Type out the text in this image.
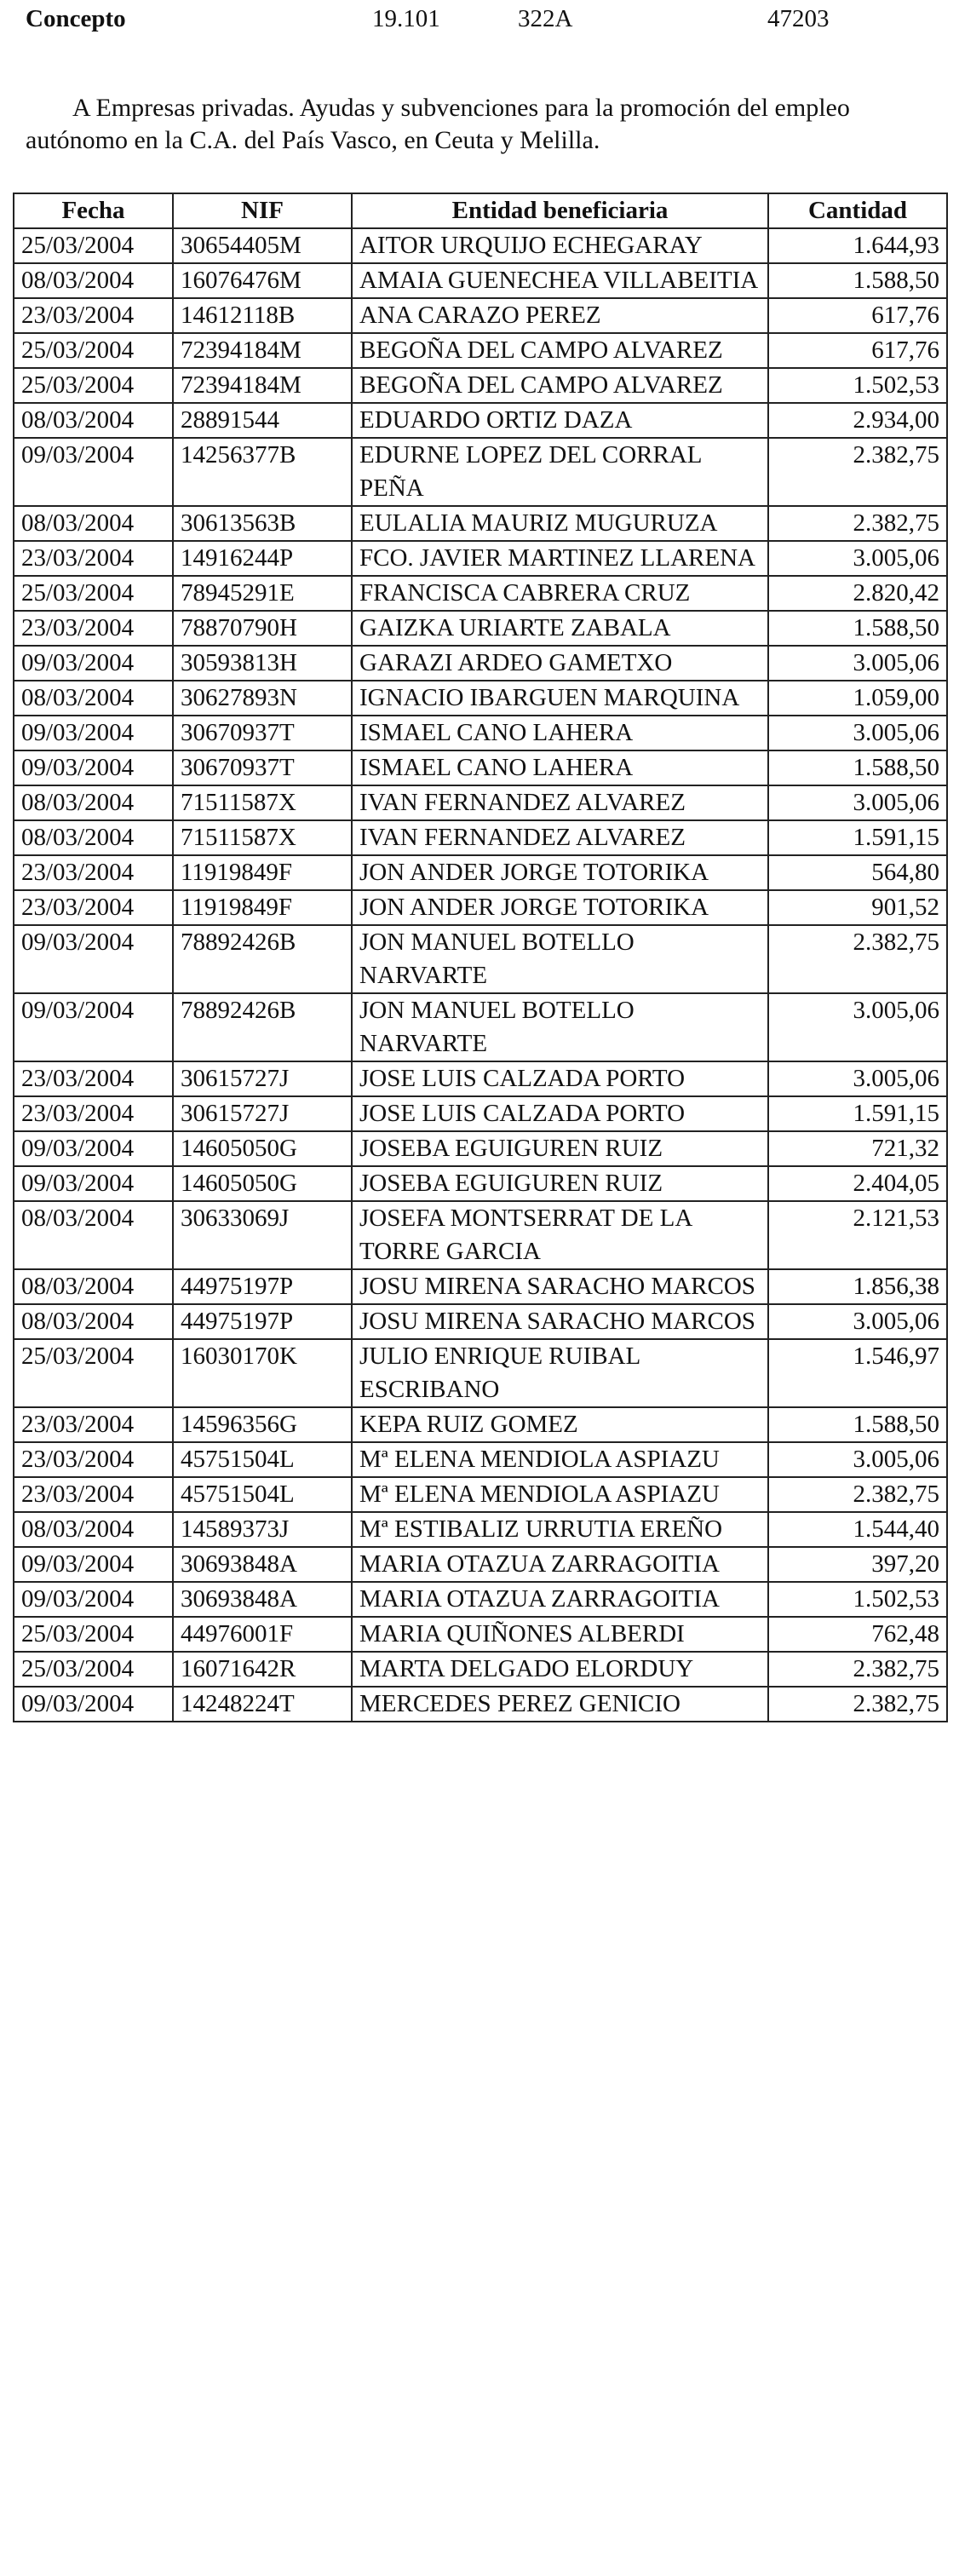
Concepto	19.101	322A	47203

A Empresas privadas. Ayudas y subvenciones para la promoción del empleo autónomo en la C.A. del País Vasco, en Ceuta y Melilla.

Fecha	NIF	Entidad beneficiaria	Cantidad
25/03/2004	30654405M	AITOR URQUIJO ECHEGARAY	1.644,93
08/03/2004	16076476M	AMAIA GUENECHEA VILLABEITIA	1.588,50
23/03/2004	14612118B	ANA CARAZO PEREZ	617,76
25/03/2004	72394184M	BEGOÑA DEL CAMPO ALVAREZ	617,76
25/03/2004	72394184M	BEGOÑA DEL CAMPO ALVAREZ	1.502,53
08/03/2004	28891544	EDUARDO ORTIZ DAZA	2.934,00
09/03/2004	14256377B	EDURNE LOPEZ DEL CORRAL PEÑA	2.382,75
08/03/2004	30613563B	EULALIA MAURIZ MUGURUZA	2.382,75
23/03/2004	14916244P	FCO. JAVIER MARTINEZ LLARENA	3.005,06
25/03/2004	78945291E	FRANCISCA CABRERA CRUZ	2.820,42
23/03/2004	78870790H	GAIZKA URIARTE ZABALA	1.588,50
09/03/2004	30593813H	GARAZI ARDEO GAMETXO	3.005,06
08/03/2004	30627893N	IGNACIO IBARGUEN MARQUINA	1.059,00
09/03/2004	30670937T	ISMAEL CANO LAHERA	3.005,06
09/03/2004	30670937T	ISMAEL CANO LAHERA	1.588,50
08/03/2004	71511587X	IVAN FERNANDEZ ALVAREZ	3.005,06
08/03/2004	71511587X	IVAN FERNANDEZ ALVAREZ	1.591,15
23/03/2004	11919849F	JON ANDER JORGE TOTORIKA	564,80
23/03/2004	11919849F	JON ANDER JORGE TOTORIKA	901,52
09/03/2004	78892426B	JON MANUEL BOTELLO NARVARTE	2.382,75
09/03/2004	78892426B	JON MANUEL BOTELLO NARVARTE	3.005,06
23/03/2004	30615727J	JOSE LUIS CALZADA PORTO	3.005,06
23/03/2004	30615727J	JOSE LUIS CALZADA PORTO	1.591,15
09/03/2004	14605050G	JOSEBA EGUIGUREN RUIZ	721,32
09/03/2004	14605050G	JOSEBA EGUIGUREN RUIZ	2.404,05
08/03/2004	30633069J	JOSEFA MONTSERRAT DE LA TORRE GARCIA	2.121,53
08/03/2004	44975197P	JOSU MIRENA SARACHO MARCOS	1.856,38
08/03/2004	44975197P	JOSU MIRENA SARACHO MARCOS	3.005,06
25/03/2004	16030170K	JULIO ENRIQUE RUIBAL ESCRIBANO	1.546,97
23/03/2004	14596356G	KEPA RUIZ GOMEZ	1.588,50
23/03/2004	45751504L	Mª ELENA MENDIOLA ASPIAZU	3.005,06
23/03/2004	45751504L	Mª ELENA MENDIOLA ASPIAZU	2.382,75
08/03/2004	14589373J	Mª ESTIBALIZ URRUTIA EREÑO	1.544,40
09/03/2004	30693848A	MARIA OTAZUA ZARRAGOITIA	397,20
09/03/2004	30693848A	MARIA OTAZUA ZARRAGOITIA	1.502,53
25/03/2004	44976001F	MARIA QUIÑONES ALBERDI	762,48
25/03/2004	16071642R	MARTA DELGADO ELORDUY	2.382,75
09/03/2004	14248224T	MERCEDES PEREZ GENICIO	2.382,75
